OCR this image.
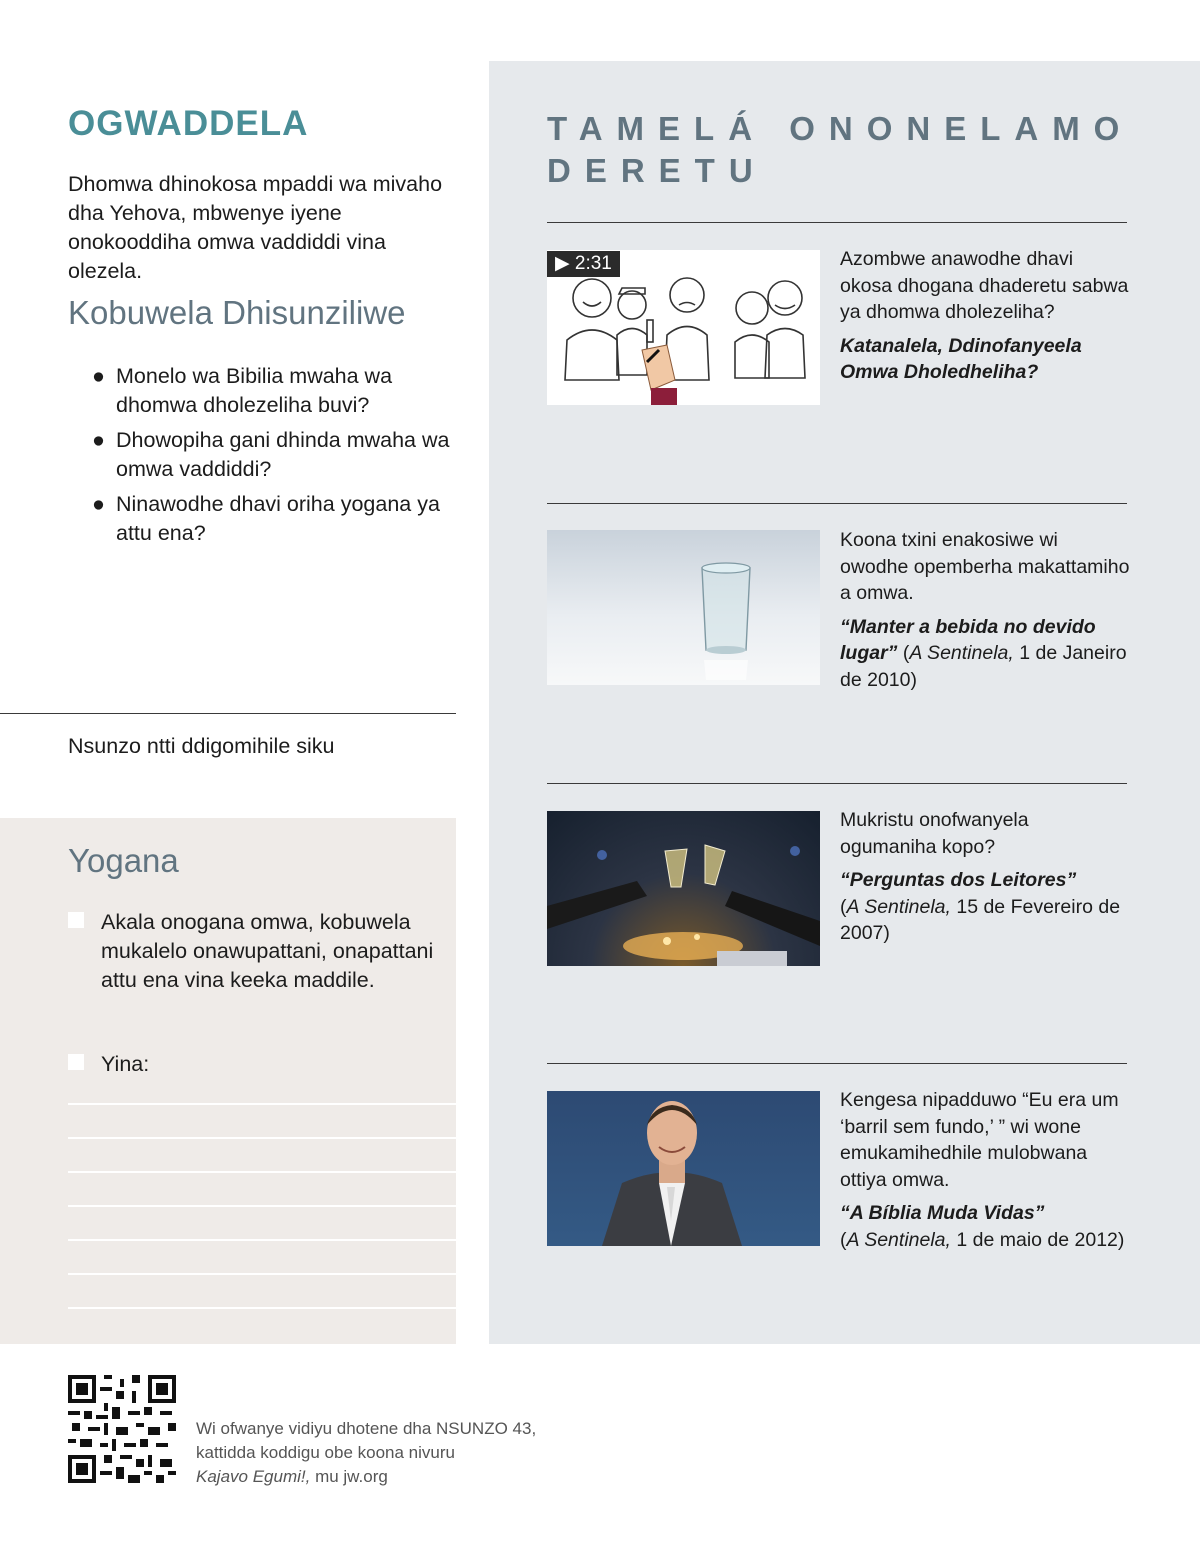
OGWADDELA

Dhomwa dhinokosa mpaddi wa mivaho dha Yehova, mbwenye iyene onokooddiha omwa vaddiddi vina olezela.

Kobuwela Dhisunziliwe
● Monelo wa Bibilia mwaha wa dhomwa dholezeliha buvi?
● Dhowopiha gani dhinda mwaha wa omwa vaddiddi?
● Ninawodhe dhavi oriha yogana ya attu ena?
Nsunzo ntti ddigomihile siku
Yogana
Akala onogana omwa, kobuwela mukalelo onawupattani, onapattani attu ena vina keeka maddile.
Yina:
TAMELÁ ONONELAMO DERETU
▶ 2:31	Azombwe anawodhe dhavi okosa dhogana dhaderetu sabwa ya dhomwa dholezeliha?

Katanalela, Ddinofanyeela Omwa Dholedheliha?

Koona txini enakosiwe wi owodhe opemberha makattamiho a omwa.

“Manter a bebida no devido lugar” (A Sentinela, 1 de Janeiro de 2010)

Mukristu onofwanyela ogumaniha kopo?

“Perguntas dos Leitores”
(A Sentinela, 15 de Fevereiro de 2007)

Kengesa nipadduwo “Eu era um ‘barril sem fundo,’ ” wi wone emukamihedhile mulobwana ottiya omwa.

“A Bíblia Muda Vidas”
(A Sentinela, 1 de maio de 2012)

Wi ofwanye vidiyu dhotene dha NSUNZO 43,
kattidda koddigu obe koona nivuru
Kajavo Egumi!, mu jw.org
